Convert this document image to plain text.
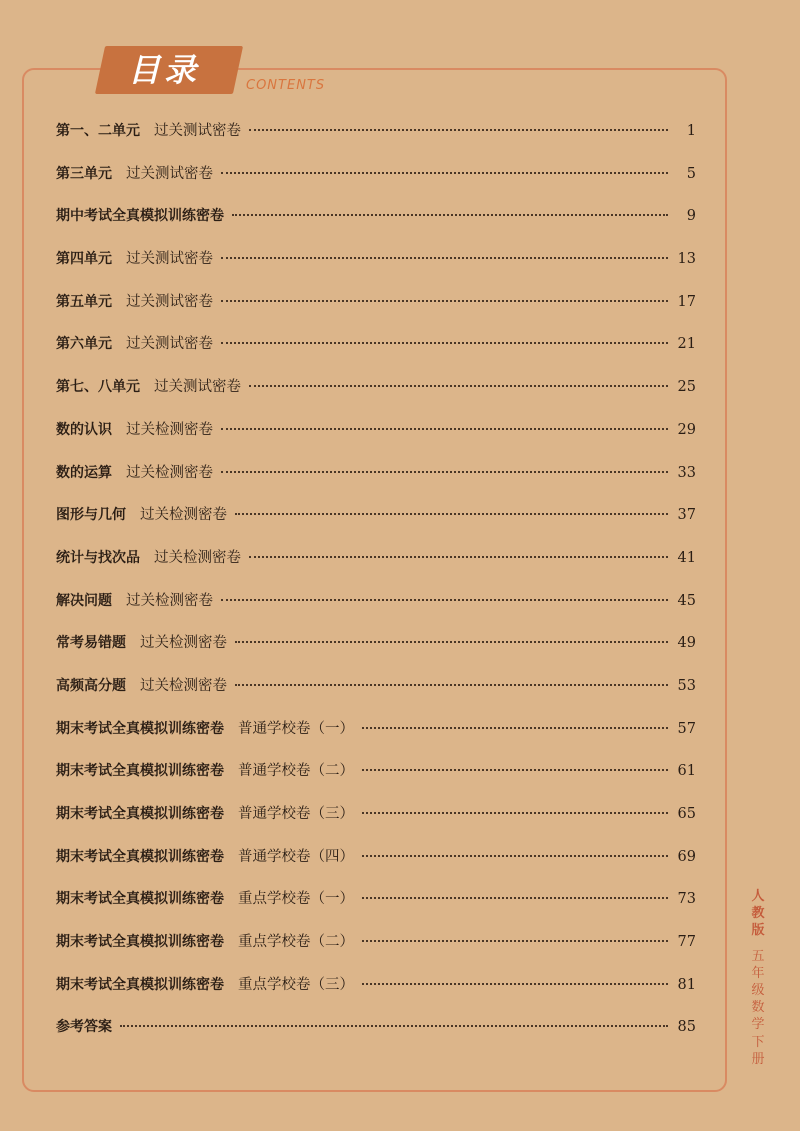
目录	CONTENTS
第一、二单元 过关测试密卷	1
第三单元 过关测试密卷	5
期中考试全真模拟训练密卷	9
第四单元 过关测试密卷	13
第五单元 过关测试密卷	17
第六单元 过关测试密卷	21
第七、八单元 过关测试密卷	25
数的认识 过关检测密卷	29
数的运算 过关检测密卷	33
图形与几何 过关检测密卷	37
统计与找次品 过关检测密卷	41
解决问题 过关检测密卷	45
常考易错题 过关检测密卷	49
高频高分题 过关检测密卷	53
期末考试全真模拟训练密卷 普通学校卷（一）	57
期末考试全真模拟训练密卷 普通学校卷（二）	61
期末考试全真模拟训练密卷 普通学校卷（三）	65
期末考试全真模拟训练密卷 普通学校卷（四）	69
期末考试全真模拟训练密卷 重点学校卷（一）	73
期末考试全真模拟训练密卷 重点学校卷（二）	77
期末考试全真模拟训练密卷 重点学校卷（三）	81
参考答案	85
人
教
版
五
年
级
数
学
下
册
